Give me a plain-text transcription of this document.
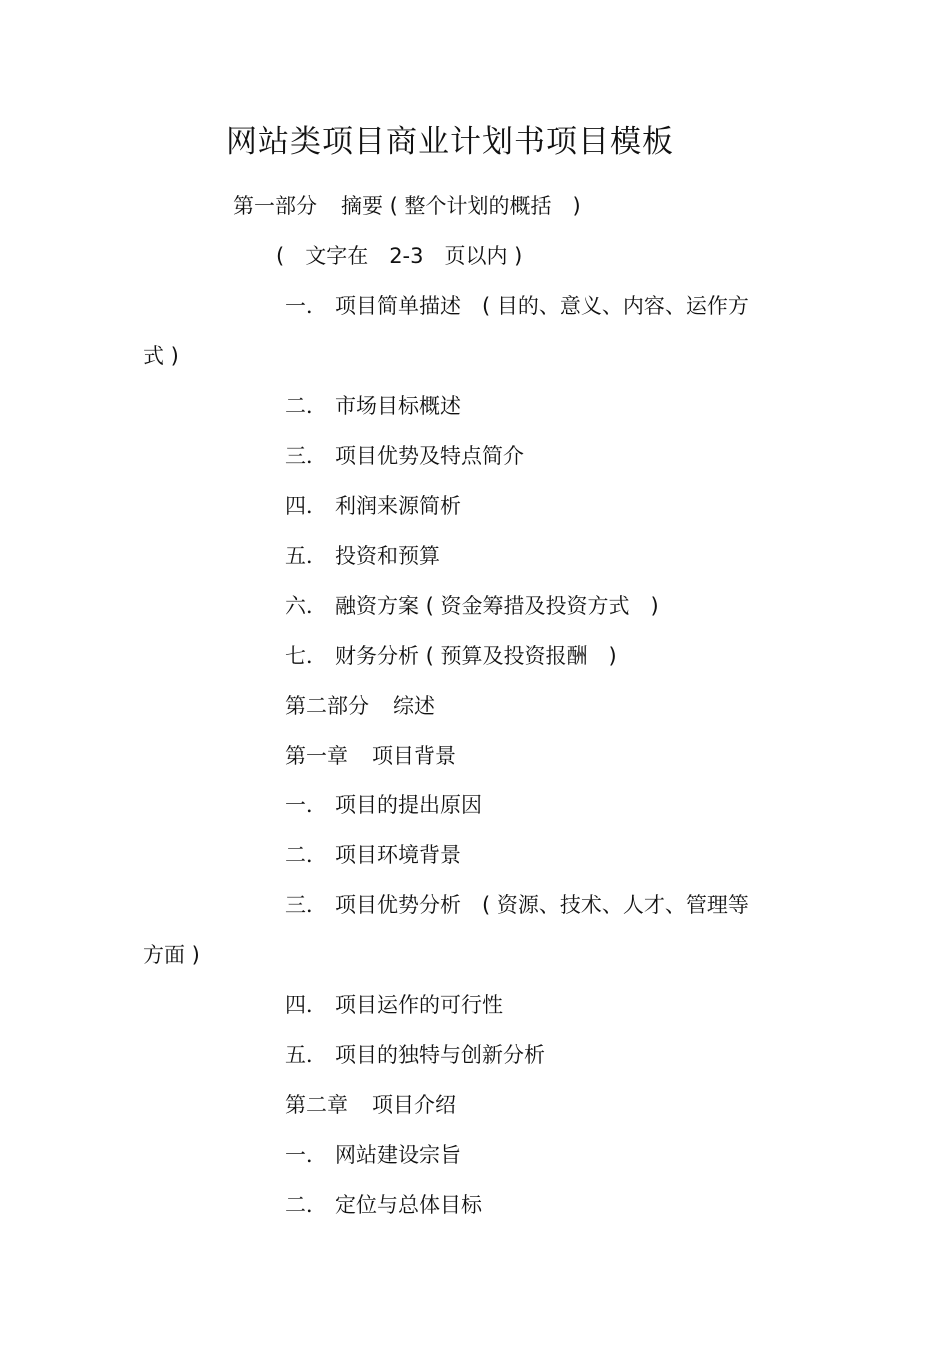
网站类项目商业计划书项目模板
第一部分 摘要 ( 整个计划的概括　)
(　文字在　2-3　页以内 )
一． 项目简单描述　( 目的、意义、内容、运作方
式 )
二． 市场目标概述
三． 项目优势及特点简介
四． 利润来源简析
五． 投资和预算
六． 融资方案 ( 资金筹措及投资方式　)
七． 财务分析 ( 预算及投资报酬　)
第二部分 综述
第一章 项目背景
一． 项目的提出原因
二． 项目环境背景
三． 项目优势分析　( 资源、技术、人才、管理等
方面 )
四． 项目运作的可行性
五． 项目的独特与创新分析
第二章 项目介绍
一． 网站建设宗旨
二． 定位与总体目标
